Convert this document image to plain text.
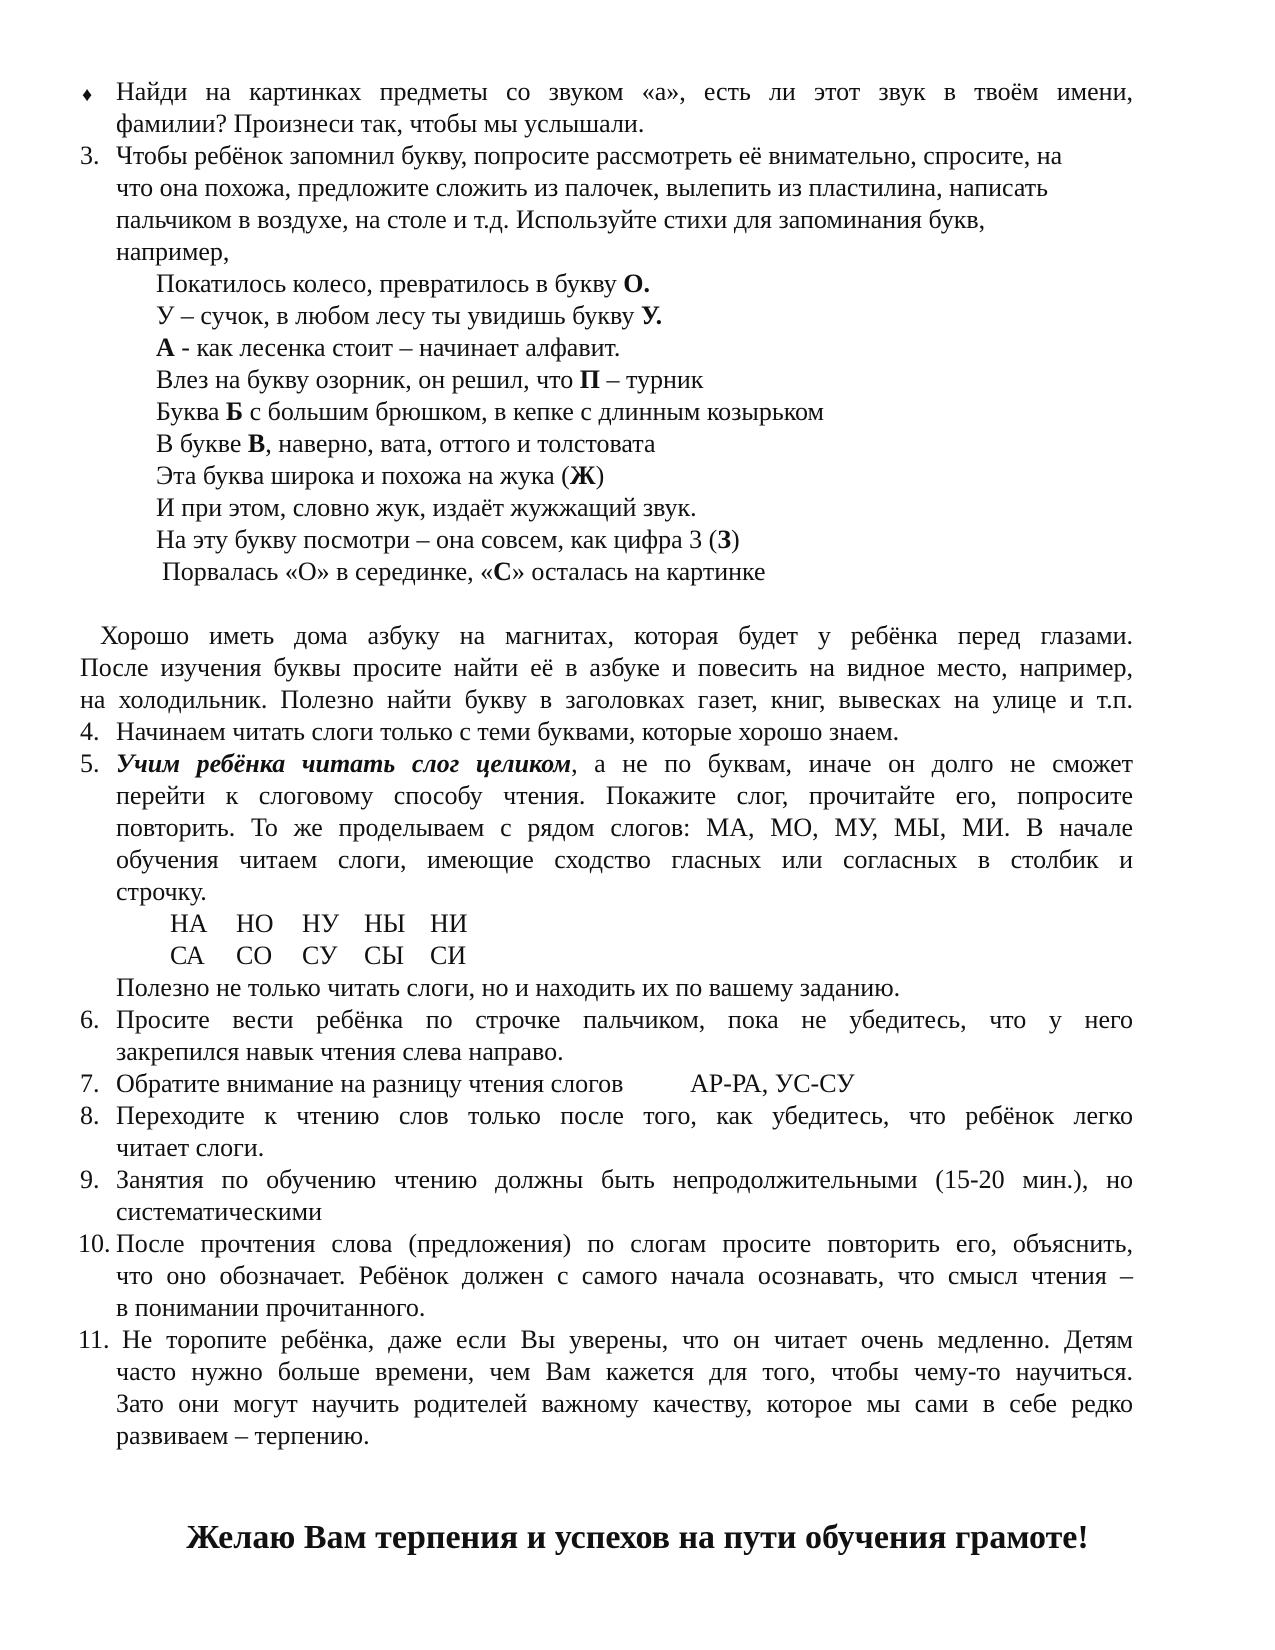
♦ Найди на картинках предметы со звуком «а», есть ли этот звук в твоём имени,
фамилии? Произнеси так, чтобы мы услышали.
3. Чтобы ребёнок запомнил букву, попросите рассмотреть её внимательно, спросите, на
что она похожа, предложите сложить из палочек, вылепить из пластилина, написать
пальчиком в воздухе, на столе и т.д. Используйте стихи для запоминания букв,
например,
Покатилось колесо, превратилось в букву О.
У – сучок, в любом лесу ты увидишь букву У.
А - как лесенка стоит – начинает алфавит.
Влез на букву озорник, он решил, что П – турник
Буква Б с большим брюшком, в кепке с длинным козырьком
В букве В, наверно, вата, оттого и толстовата
Эта буква широка и похожа на жука (Ж)
И при этом, словно жук, издаёт жужжащий звук.
На эту букву посмотри – она совсем, как цифра 3 (З)
Порвалась «О» в серединке, «С» осталась на картинке
Хорошо иметь дома азбуку на магнитах, которая будет у ребёнка перед глазами.
После изучения буквы просите найти её в азбуке и повесить на видное место, например,
на холодильник. Полезно найти букву в заголовках газет, книг, вывесках на улице и т.п.
4. Начинаем читать слоги только с теми буквами, которые хорошо знаем.
5. Учим ребёнка читать слог целиком, а не по буквам, иначе он долго не сможет
перейти к слоговому способу чтения. Покажите слог, прочитайте его, попросите
повторить. То же проделываем с рядом слогов: МА, МО, МУ, МЫ, МИ. В начале
обучения читаем слоги, имеющие сходство гласных или согласных в столбик и
строчку.
НА НО НУ НЫ НИ
СА СО СУ СЫ СИ
Полезно не только читать слоги, но и находить их по вашему заданию.
6. Просите вести ребёнка по строчке пальчиком, пока не убедитесь, что у него
закрепился навык чтения слева направо.
7. Обратите внимание на разницу чтения слогов	АР-РА, УС-СУ
8. Переходите к чтению слов только после того, как убедитесь, что ребёнок легко
читает слоги.
9. Занятия по обучению чтению должны быть непродолжительными (15-20 мин.), но
систематическими
10. После прочтения слова (предложения) по слогам просите повторить его, объяснить,
что оно обозначает. Ребёнок должен с самого начала осознавать, что смысл чтения –
в понимании прочитанного.
11. Не торопите ребёнка, даже если Вы уверены, что он читает очень медленно. Детям
часто нужно больше времени, чем Вам кажется для того, чтобы чему-то научиться.
Зато они могут научить родителей важному качеству, которое мы сами в себе редко
развиваем – терпению.
Желаю Вам терпения и успехов на пути обучения грамоте!
